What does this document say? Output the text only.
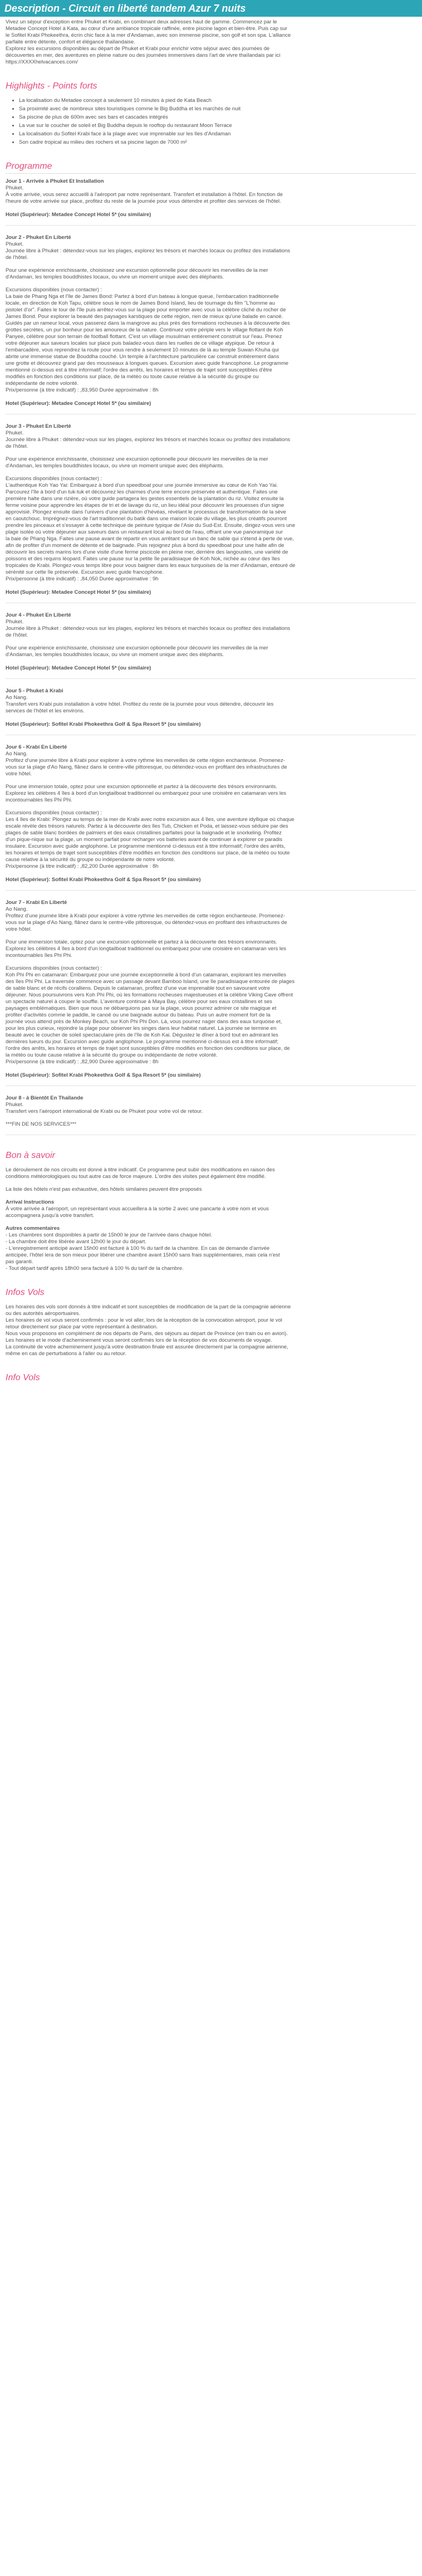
Description - Circuit en liberté tandem Azur 7 nuits

Vivez un séjour d'exception entre Phuket et Krabi, en combinant deux adresses haut de gamme. Commencez par le

Metadee Concept Hotel à Kata, au cœur d'une ambiance tropicale raffinée, entre piscine lagon et bien-être. Puis cap sur

le Sofitel Krabi Phokeethra, écrin chic face à la mer d'Andaman, avec son immense piscine, son golf et son spa. L'alliance

parfaite entre détente, confort et élégance thaïlandaise.

Explorez les excursions disponibles au départ de Phuket et Krabi pour enrichir votre séjour avec des journées de

découvertes en mer, des aventures en pleine nature ou des journées immersives dans l'art de vivre thaïlandais par ici

https://XXXXhelvacances.com/

Highlights - Points forts
• La localisation du Metadee concept à seulement 10 minutes à pied de Kata Beach
• Sa proximité avec de nombreux sites touristiques comme le Big Buddha et les marchés de nuit
• Sa piscine de plus de 600m avec ses bars et cascades intégrés
• La vue sur le coucher de soleil et Big Buddha depuis le rooftop du restaurant Moon Terrace
• La localisation du Sofitel Krabi face à la plage avec vue imprenable sur les îles d'Andaman
• Son cadre tropical au milieu des rochers et sa piscine lagon de 7000 m²
Programme

Jour 1 - Arrivée à Phuket Et Installation

Phuket.

À votre arrivée, vous serez accueilli à l'aéroport par notre représentant. Transfert et installation à l'hôtel. En fonction de

l'heure de votre arrivée sur place, profitez du reste de la journée pour vous détendre et profiter des services de l'hôtel.

Hotel (Supérieur): Metadee Concept Hotel 5* (ou similaire)

Jour 2 - Phuket En Liberté

Phuket.

Journée libre à Phuket : détendez-vous sur les plages, explorez les trésors et marchés locaux ou profitez des installations

de l'hôtel.

Pour une expérience enrichissante, choisissez une excursion optionnelle pour découvrir les merveilles de la mer

d'Andaman, les temples bouddhistes locaux, ou vivre un moment unique avec des éléphants.

Excursions disponibles (nous contacter) :

La baie de Phang Nga et l'île de James Bond: Partez à bord d'un bateau à longue queue, l'embarcation traditionnelle

locale, en direction de Koh Tapu, célèbre sous le nom de James Bond Island, lieu de tournage du film "L'homme au

pistolet d'or". Faites le tour de l'île puis arrêtez-vous sur la plage pour emporter avec vous la célèbre cliché du rocher de

James Bond. Pour explorer la beauté des paysages karstiques de cette région, rien de mieux qu'une balade en canoë.

Guidés par un rameur local, vous passerez dans la mangrove au plus près des formations rocheuses à la découverte des

grottes secrètes, un pur bonheur pour les amoureux de la nature. Continuez votre périple vers le village flottant de Koh

Panyee, célèbre pour son terrain de football flottant. C'est un village musulman entièrement construit sur l'eau. Prenez

votre déjeuner aux saveurs locales sur place puis baladez-vous dans les ruelles de ce village atypique. De retour à

l'embarcadère, vous reprendrez la route pour vous rendre à seulement 10 minutes de là au temple Suwan Khuha qui

abrite une immense statue de Bouddha couché. Un temple à l'architecture particulière car construit entièrement dans

une grotte et découvrez grand par des mousseaux à longues queues. Excursion avec guide francophone. Le programme

mentionné ci-dessus est à titre informatif; l'ordre des arrêts, les horaires et temps de trajet sont susceptibles d'être

modifiés en fonction des conditions sur place, de la météo ou toute cause relative à la sécurité du groupe ou

indépendante de notre volonté.

Prix/personne (à titre indicatif) : ,83,950 Durée approximative : 8h

Hotel (Supérieur): Metadee Concept Hotel 5* (ou similaire)

Jour 3 - Phuket En Liberté

Phuket.

Journée libre à Phuket : détendez-vous sur les plages, explorez les trésors et marchés locaux ou profitez des installations

de l'hôtel.

Pour une expérience enrichissante, choisissez une excursion optionnelle pour découvrir les merveilles de la mer

d'Andaman, les temples bouddhistes locaux, ou vivre un moment unique avec des éléphants.

Excursions disponibles (nous contacter) :

L'authentique Koh Yao Yai: Embarquez à bord d'un speedboat pour une journée immersive au cœur de Koh Yao Yai.

Parcourez l'île à bord d'un tuk-tuk et découvrez les charmes d'une terre encore préservée et authentique. Faites une

première halte dans une rizière, où votre guide partagera les gestes essentiels de la plantation du riz. Visitez ensuite la

ferme voisine pour apprendre les étapes de tri et de lavage du riz, un lieu idéal pour découvrir les prouesses d'un signe

approvisié. Plongez ensuite dans l'univers d'une plantation d'hévéas, révélant le processus de transformation de la sève

en caoutchouc. Imprégnez-vous de l'art traditionnel du batik dans une maison locale du village, les plus créatifs pourront

prendre les pinceaux et s'essayer à cette technique de peinture typique de l'Asie du Sud-Est. Ensuite, dirigez-vous vers une

plage isolée où votre déjeuner aux saveurs dans un restaurant local au bord de l'eau, offrant une vue panoramique sur

la baie de Phang Nga. Faites une pause avant de repartir en vous arrêtant sur un banc de sable qui s'étend à perte de vue,

afin de profiter d'un moment de détente et de baignade. Puis rejoignez plus à bord du speedboat pour une halte afin de

découvrir les secrets marins lors d'une visite d'une ferme piscicole en pleine mer, derrière des langoustes, une variété de

poissons et des requins léopard. Faites une pause sur la petite île paradisiaque de Koh Nok, nichée au cœur des îles

tropicales de Krabi. Plongez-vous temps libre pour vous baigner dans les eaux turquoises de la mer d'Andaman, entouré de

sérénité sur cette île préservée. Excursion avec guide francophone.

Prix/personne (à titre indicatif) : ,84,050 Durée approximative : 9h

Hotel (Supérieur): Metadee Concept Hotel 5* (ou similaire)

Jour 4 - Phuket En Liberté

Phuket.

Journée libre à Phuket : détendez-vous sur les plages, explorez les trésors et marchés locaux ou profitez des installations

de l'hôtel.

Pour une expérience enrichissante, choisissez une excursion optionnelle pour découvrir les merveilles de la mer

d'Andaman, les temples bouddhistes locaux, ou vivre un moment unique avec des éléphants.

Hotel (Supérieur): Metadee Concept Hotel 5* (ou similaire)

Jour 5 - Phuket à Krabi

Ao Nang.

Transfert vers Krabi puis installation à votre hôtel. Profitez du reste de la journée pour vous détendre, découvrir les

services de l'hôtel et les environs.

Hotel (Supérieur): Sofitel Krabi Phokeethra Golf & Spa Resort 5* (ou similaire)

Jour 6 - Krabi En Liberté

Ao Nang.

Profitez d'une journée libre à Krabi pour explorer à votre rythme les merveilles de cette région enchanteuse. Promenez-

vous sur la plage d'Ao Nang, flânez dans le centre-ville pittoresque, ou détendez-vous en profitant des infrastructures de

votre hôtel.

Pour une immersion totale, optez pour une excursion optionnelle et partez à la découverte des trésors environnants.

Explorez les célèbres 4 îles à bord d'un longtailboat traditionnel ou embarquez pour une croisière en catamaran vers les

incontournables îles Phi Phi.

Excursions disponibles (nous contacter) :

Les 4 îles de Krabi: Plongez au temps de la mer de Krabi avec notre excursion aux 4 îles, une aventure idyllique où chaque

escale révèle des trésors naturels. Partez à la découverte des îles Tub, Chicken et Poda, et laissez-vous séduire par des

plages de sable blanc bordées de palmiers et des eaux cristallines parfaites pour la baignade et le snorkeling. Profitez

d'un pique-nique sur la plage, un moment parfait pour recharger vos batteries avant de continuer à explorer ce paradis

insulaire. Excursion avec guide anglophone. Le programme mentionné ci-dessus est à titre informatif; l'ordre des arrêts,

les horaires et temps de trajet sont susceptibles d'être modifiés en fonction des conditions sur place, de la météo ou toute

cause relative à la sécurité du groupe ou indépendante de notre volonté.

Prix/personne (à titre indicatif) : ,82,200 Durée approximative : 8h

Hotel (Supérieur): Sofitel Krabi Phokeethra Golf & Spa Resort 5* (ou similaire)

Jour 7 - Krabi En Liberté

Ao Nang.

Profitez d'une journée libre à Krabi pour explorer à votre rythme les merveilles de cette région enchanteuse. Promenez-

vous sur la plage d'Ao Nang, flânez dans le centre-ville pittoresque, ou détendez-vous en profitant des infrastructures de

votre hôtel.

Pour une immersion totale, optez pour une excursion optionnelle et partez à la découverte des trésors environnants.

Explorez les célèbres 4 îles à bord d'un longtailboat traditionnel ou embarquez pour une croisière en catamaran vers les

incontournables îles Phi Phi.

Excursions disponibles (nous contacter) :

Koh Phi Phi en catamaran: Embarquez pour une journée exceptionnelle à bord d'un catamaran, explorant les merveilles

des îles Phi Phi. La traversée commence avec un passage devant Bamboo Island, une île paradisiaque entourée de plages

de sable blanc et de récifs coralliens. Depuis le catamaran, profitez d'une vue imprenable tout en savourant votre

déjeuner. Nous poursuivrons vers Koh Phi Phi, où les formations rocheuses majestueuses et la célèbre Viking Cave offrent

un spectacle naturel à couper le souffle. L'aventure continue à Maya Bay, célèbre pour ses eaux cristallines et ses

paysages emblématiques. Bien que nous ne débarquions pas sur la plage, vous pourrez admirer ce site magique et

profiter d'activités comme le paddle, le canoë ou une baignade autour du bateau. Puis un autre moment fort de la

journée vous attend près de Monkey Beach, sur Koh Phi Phi Don. Là, vous pourrez nager dans des eaux turquoise et,

pour les plus curieux, rejoindre la plage pour observer les singes dans leur habitat naturel. La journée se termine en

beauté avec le coucher de soleil spectaculaire près de l'île de Koh Kai. Dégustez le dîner à bord tout en admirant les

dernières lueurs du jour. Excursion avec guide anglophone. Le programme mentionné ci-dessus est à titre informatif;

l'ordre des arrêts, les horaires et temps de trajet sont susceptibles d'être modifiés en fonction des conditions sur place, de

la météo ou toute cause relative à la sécurité du groupe ou indépendante de notre volonté.

Prix/personne (à titre indicatif) : ,82,900 Durée approximative : 8h

Hotel (Supérieur): Sofitel Krabi Phokeethra Golf & Spa Resort 5* (ou similaire)

Jour 8 - à Bientôt En Thaïlande

Phuket.

Transfert vers l'aéroport international de Krabi ou de Phuket pour votre vol de retour.

***FIN DE NOS SERVICES***

Bon à savoir

Le déroulement de nos circuits est donné à titre indicatif. Ce programme peut subir des modifications en raison des

conditions météorologiques ou tout autre cas de force majeure. L'ordre des visites peut également être modifié.

La liste des hôtels n'est pas exhaustive, des hôtels similaires peuvent être proposés

Arrival Instructions

À votre arrivée à l'aéroport, un représentant vous accueillera à la sortie 2 avec une pancarte à votre nom et vous

accompagnera jusqu'à votre transfert.

Autres commentaires

- Les chambres sont disponibles à partir de 15h00 le jour de l'arrivée dans chaque hôtel.

- La chambre doit être libérée avant 12h00 le jour du départ.

- L'enregistrement anticipé avant 15h00 est facturé à 100 % du tarif de la chambre. En cas de demande d'arrivée

anticipée, l'hôtel lera de son mieux pour libérer une chambre avant 15h00 sans frais supplémentaires, mais cela n'est

pas garanti.

- Tout départ tardif après 18h00 sera facturé à 100 % du tarif de la chambre.

Infos Vols

Les horaires des vols sont donnés à titre indicatif et sont susceptibles de modification de la part de la compagnie aérienne

ou des autorités aéroportuaires.

Les horaires de vol vous seront confirmés : pour le vol aller, lors de la réception de la convocation aéroport, pour le vol

retour directement sur place par votre représentant à destination.

Nous vous proposons en complément de nos départs de Paris, des séjours au départ de Province (en train ou en avion).

Les horaires et le mode d'acheminement vous seront confirmés lors de la réception de vos documents de voyage.

La continuité de votre acheminement jusqu'à votre destination finale est assurée directement par la compagnie aérienne,

même en cas de perturbations à l'aller ou au retour.

Info Vols
